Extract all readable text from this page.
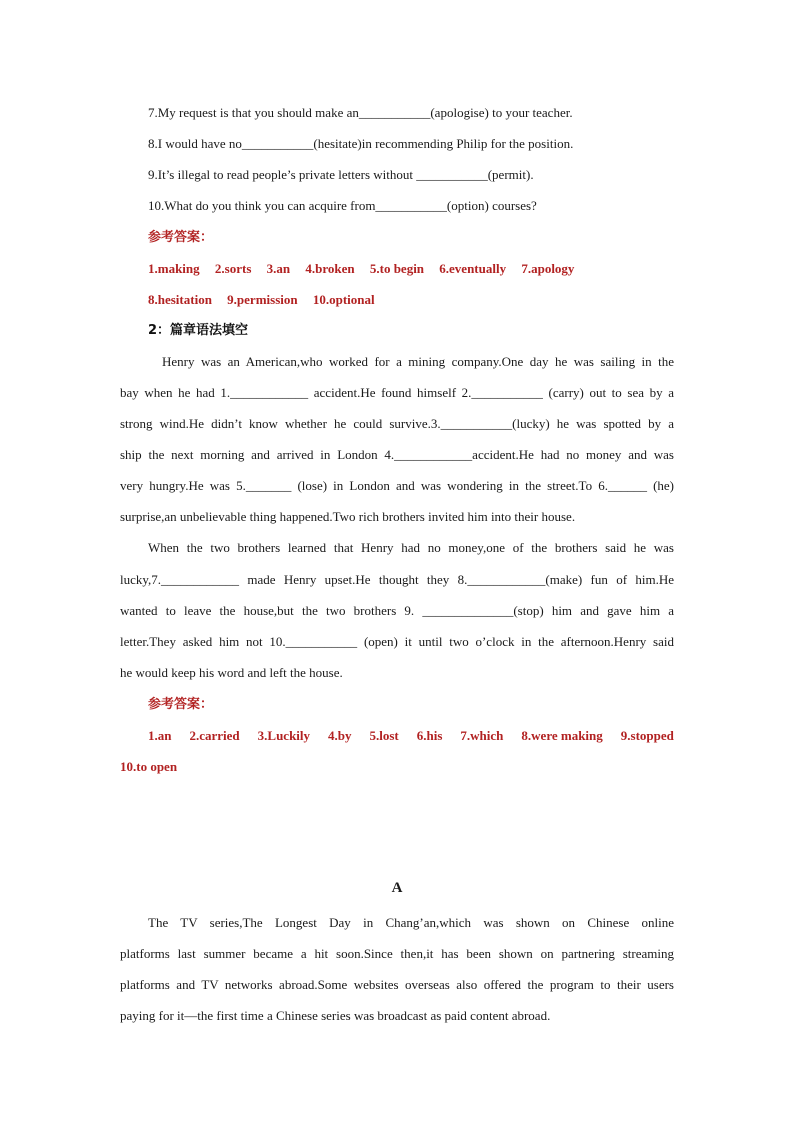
7.My request is that you should make an___________(apologise) to your teacher.
8.I would have no___________(hesitate)in recommending Philip for the position.
9.It’s illegal to read people’s private letters without ___________(permit).
10.What do you think you can acquire from___________(option) courses?
参考答案：
1.making 2.sorts 3.an 4.broken 5.to begin 6.eventually 7.apology
8.hesitation 9.permission 10.optional
2：篇章语法填空
Henry was an American,who worked for a mining company.One day he was sailing in the
bay when he had 1.____________ accident.He found himself 2.___________ (carry) out to sea by a
strong wind.He didn’t know whether he could survive.3.___________(lucky) he was spotted by a
ship the next morning and arrived in London 4.____________accident.He had no money and was
very hungry.He was 5._______ (lose) in London and was wondering in the street.To 6.______ (he)
surprise,an unbelievable thing happened.Two rich brothers invited him into their house.
When the two brothers learned that Henry had no money,one of the brothers said he was
lucky,7.____________ made Henry upset.He thought they 8.____________(make) fun of him.He
wanted to leave the house,but the two brothers 9. ______________(stop) him and gave him a
letter.They asked him not 10.___________ (open) it until two o’clock in the afternoon.Henry said
he would keep his word and left the house.
参考答案：
1.an 2.carried 3.Luckily 4.by 5.lost 6.his 7.which 8.were making 9.stopped
10.to open
A
The TV series,The Longest Day in Chang’an,which was shown on Chinese online
platforms last summer became a hit soon.Since then,it has been shown on partnering streaming
platforms and TV networks abroad.Some websites overseas also offered the program to their users
paying for it—the first time a Chinese series was broadcast as paid content abroad.
